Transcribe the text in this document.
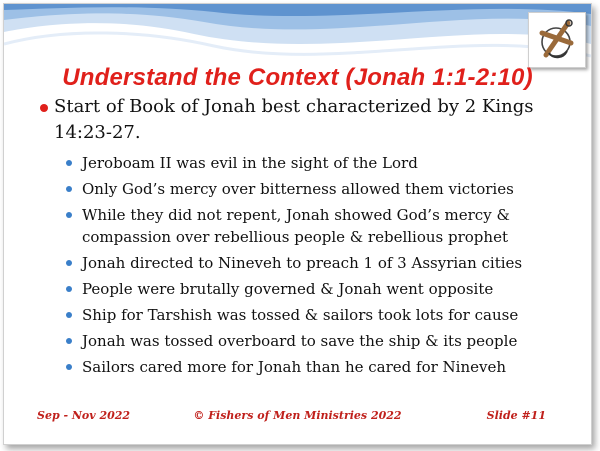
Understand the Context (Jonah 1:1-2:10)
Start of Book of Jonah best characterized by 2 Kings 14:23-27.
Jeroboam II was evil in the sight of the Lord
Only God’s mercy over bitterness allowed them victories
While they did not repent, Jonah showed God’s mercy & compassion over rebellious people & rebellious prophet
Jonah directed to Nineveh to preach 1 of 3 Assyrian cities
People were brutally governed & Jonah went opposite
Ship for Tarshish was tossed & sailors took lots for cause
Jonah was tossed overboard to save the ship & its people
Sailors cared more for Jonah than he cared for Nineveh
Sep - Nov 2022	© Fishers of Men Ministries 2022	Slide #11
